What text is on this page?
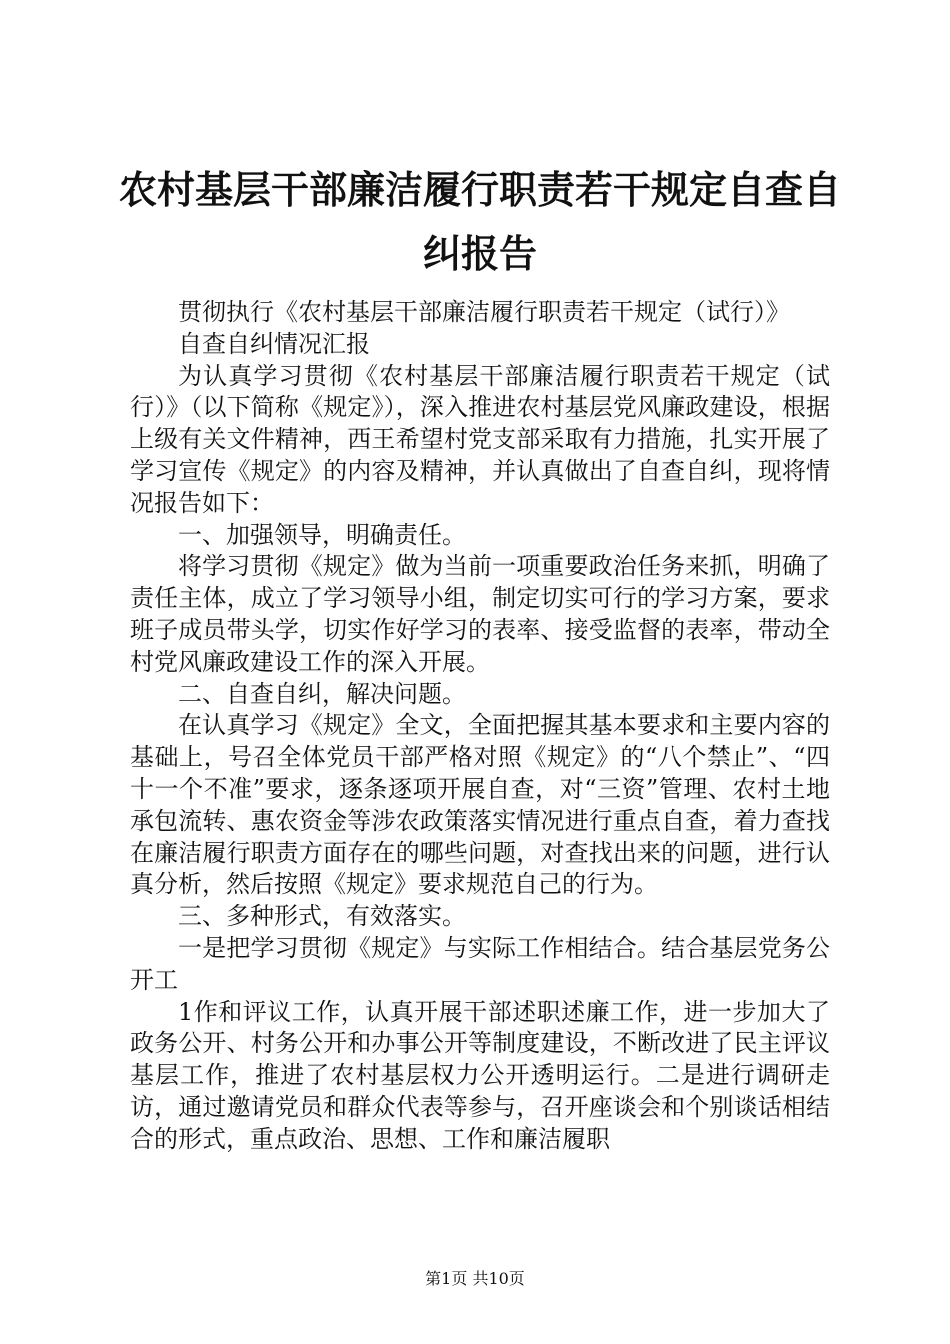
农村基层干部廉洁履行职责若干规定自查自纠报告

贯彻执行《农村基层干部廉洁履行职责若干规定（试行）》

自查自纠情况汇报

为认真学习贯彻《农村基层干部廉洁履行职责若干规定（试行）》（以下简称《规定》），深入推进农村基层党风廉政建设，根据上级有关文件精神，西王希望村党支部采取有力措施，扎实开展了学习宣传《规定》的内容及精神，并认真做出了自查自纠，现将情况报告如下：

一、加强领导，明确责任。

将学习贯彻《规定》做为当前一项重要政治任务来抓，明确了责任主体，成立了学习领导小组，制定切实可行的学习方案，要求班子成员带头学，切实作好学习的表率、接受监督的表率，带动全村党风廉政建设工作的深入开展。

二、自查自纠，解决问题。

在认真学习《规定》全文，全面把握其基本要求和主要内容的基础上，号召全体党员干部严格对照《规定》的“八个禁止”、“四十一个不准”要求，逐条逐项开展自查，对“三资”管理、农村土地承包流转、惠农资金等涉农政策落实情况进行重点自查，着力查找在廉洁履行职责方面存在的哪些问题，对查找出来的问题，进行认真分析，然后按照《规定》要求规范自己的行为。

三、多种形式，有效落实。

一是把学习贯彻《规定》与实际工作相结合。结合基层党务公开工

1作和评议工作，认真开展干部述职述廉工作，进一步加大了政务公开、村务公开和办事公开等制度建设，不断改进了民主评议基层工作，推进了农村基层权力公开透明运行。二是进行调研走访，通过邀请党员和群众代表等参与，召开座谈会和个别谈话相结合的形式，重点政治、思想、工作和廉洁履职

第1页 共10页
